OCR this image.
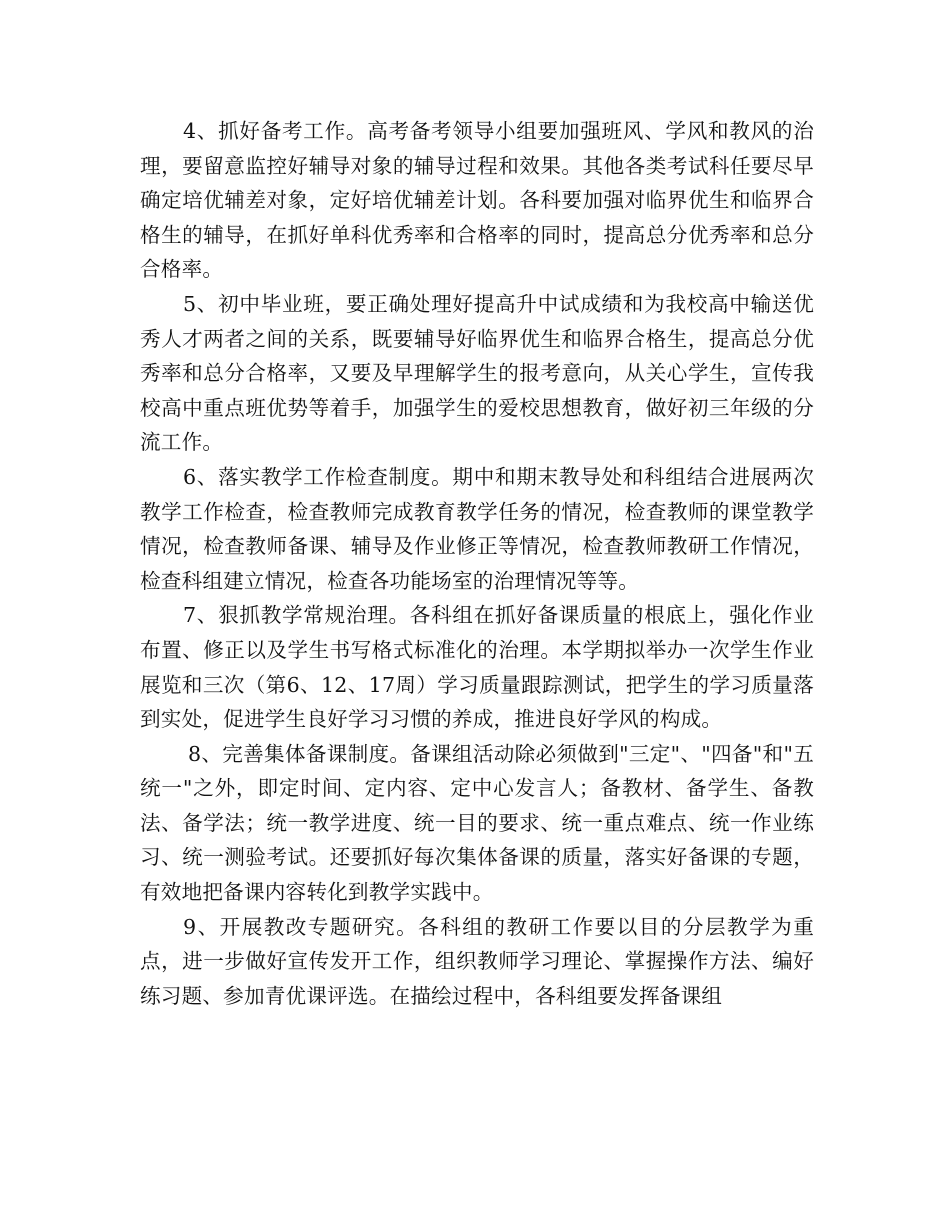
4、抓好备考工作。高考备考领导小组要加强班风、学风和教风的治理，要留意监控好辅导对象的辅导过程和效果。其他各类考试科任要尽早确定培优辅差对象，定好培优辅差计划。各科要加强对临界优生和临界合格生的辅导，在抓好单科优秀率和合格率的同时，提高总分优秀率和总分合格率。

5、初中毕业班，要正确处理好提高升中试成绩和为我校高中输送优秀人才两者之间的关系，既要辅导好临界优生和临界合格生，提高总分优秀率和总分合格率，又要及早理解学生的报考意向，从关心学生，宣传我校高中重点班优势等着手，加强学生的爱校思想教育，做好初三年级的分流工作。

6、落实教学工作检查制度。期中和期末教导处和科组结合进展两次教学工作检查，检查教师完成教育教学任务的情况，检查教师的课堂教学情况，检查教师备课、辅导及作业修正等情况，检查教师教研工作情况，检查科组建立情况，检查各功能场室的治理情况等等。

7、狠抓教学常规治理。各科组在抓好备课质量的根底上，强化作业布置、修正以及学生书写格式标准化的治理。本学期拟举办一次学生作业展览和三次（第6、12、17周）学习质量跟踪测试，把学生的学习质量落到实处，促进学生良好学习习惯的养成，推进良好学风的构成。

8、完善集体备课制度。备课组活动除必须做到"三定"、"四备"和"五统一"之外，即定时间、定内容、定中心发言人；备教材、备学生、备教法、备学法；统一教学进度、统一目的要求、统一重点难点、统一作业练习、统一测验考试。还要抓好每次集体备课的质量，落实好备课的专题，有效地把备课内容转化到教学实践中。

9、开展教改专题研究。各科组的教研工作要以目的分层教学为重点，进一步做好宣传发开工作，组织教师学习理论、掌握操作方法、编好练习题、参加青优课评选。在描绘过程中，各科组要发挥备课组
